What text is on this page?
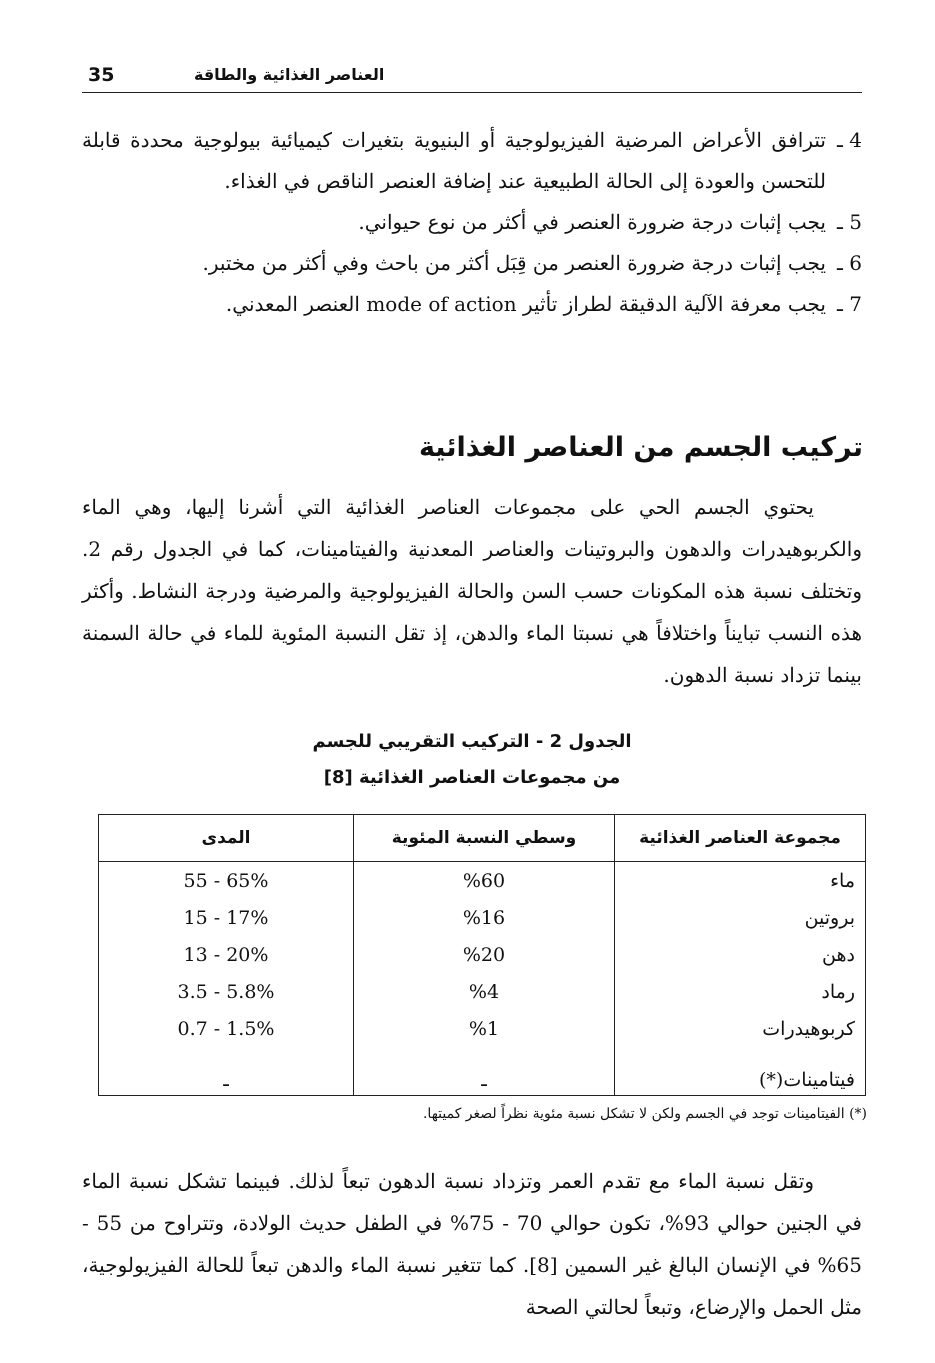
35	العناصر الغذائية والطاقة
4 ـ
تترافق الأعراض المرضية الفيزيولوجية أو البنيوية بتغيرات كيميائية بيولوجية محددة قابلة للتحسن والعودة إلى الحالة الطبيعية عند إضافة العنصر الناقص في الغذاء.
5 ـ
يجب إثبات درجة ضرورة العنصر في أكثر من نوع حيواني.
6 ـ
يجب إثبات درجة ضرورة العنصر من قِبَل أكثر من باحث وفي أكثر من مختبر.
7 ـ
يجب معرفة الآلية الدقيقة لطراز تأثير mode of action العنصر المعدني.
تركيب الجسم من العناصر الغذائية

يحتوي الجسم الحي على مجموعات العناصر الغذائية التي أشرنا إليها، وهي الماء والكربوهيدرات والدهون والبروتينات والعناصر المعدنية والفيتامينات، كما في الجدول رقم 2. وتختلف نسبة هذه المكونات حسب السن والحالة الفيزيولوجية والمرضية ودرجة النشاط. وأكثر هذه النسب تبايناً واختلافاً هي نسبتا الماء والدهن، إذ تقل النسبة المئوية للماء في حالة السمنة بينما تزداد نسبة الدهون.

الجدول 2 - التركيب التقريبي للجسم
من مجموعات العناصر الغذائية [8]
مجموعة العناصر الغذائية	وسطي النسبة المئوية	المدى
ماء	%60	55 - 65%
بروتين	%16	15 - 17%
دهن	%20	13 - 20%
رماد	%4	3.5 - 5.8%
كربوهيدرات	%1	0.7 - 1.5%
فيتامينات(*)	ـ	ـ
(*) الفيتامينات توجد في الجسم ولكن لا تشكل نسبة مئوية نظراً لصغر كميتها.

وتقل نسبة الماء مع تقدم العمر وتزداد نسبة الدهون تبعاً لذلك. فبينما تشكل نسبة الماء في الجنين حوالي 93%، تكون حوالي 70 - 75% في الطفل حديث الولادة، وتتراوح من 55 - 65% في الإنسان البالغ غير السمين [8]. كما تتغير نسبة الماء والدهن تبعاً للحالة الفيزيولوجية، مثل الحمل والإرضاع، وتبعاً لحالتي الصحة
